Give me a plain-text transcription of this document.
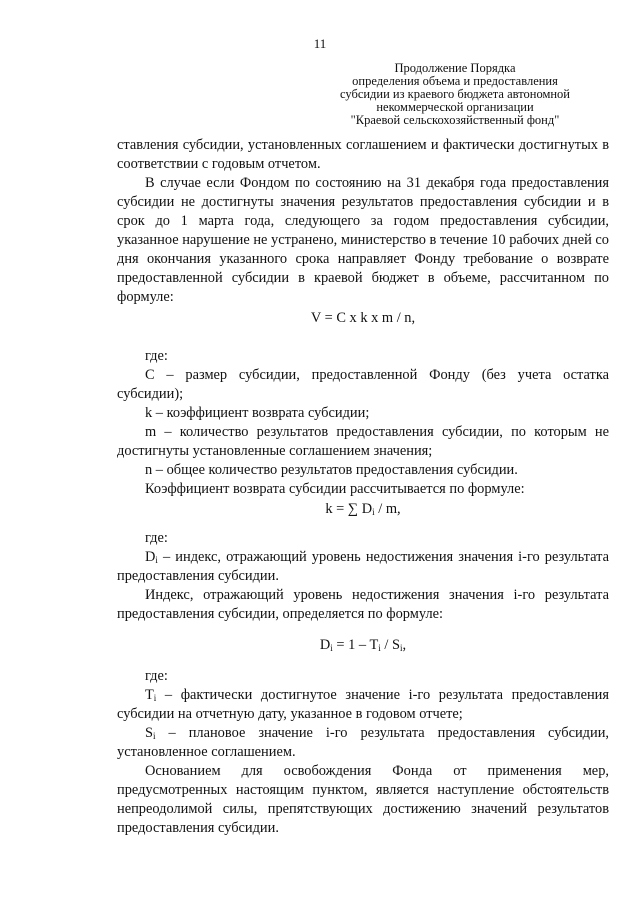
11
Продолжение Порядка
определения объема и предоставления
субсидии из краевого бюджета автономной
некоммерческой организации
"Краевой сельскохозяйственный фонд"

ставления субсидии, установленных соглашением и фактически достигнутых в соответствии с годовым отчетом.

В случае если Фондом по состоянию на 31 декабря года предоставления субсидии не достигнуты значения результатов предоставления субсидии и в срок до 1 марта года, следующего за годом предоставления субсидии, указанное нарушение не устранено, министерство в течение 10 рабочих дней со дня окончания указанного срока направляет Фонду требование о возврате предоставленной субсидии в краевой бюджет в объеме, рассчитанном по формуле:

V = C x k x m / n,

где:

C – размер субсидии, предоставленной Фонду (без учета остатка субсидии);

k – коэффициент возврата субсидии;

m – количество результатов предоставления субсидии, по которым не достигнуты установленные соглашением значения;

n – общее количество результатов предоставления субсидии.

Коэффициент возврата субсидии рассчитывается по формуле:

k = ∑ $D_i$ / m,

где:

$D_i$ – индекс, отражающий уровень недостижения значения i-го результата предоставления субсидии.

Индекс, отражающий уровень недостижения значения i-го результата предоставления субсидии, определяется по формуле:

$D_i = 1 - T_i / S_i$,

где:

$T_i$ – фактически достигнутое значение i-го результата предоставления субсидии на отчетную дату, указанное в годовом отчете;

$S_i$ – плановое значение i-го результата предоставления субсидии, установленное соглашением.

Основанием для освобождения Фонда от применения мер, предусмотренных настоящим пунктом, является наступление обстоятельств непреодолимой силы, препятствующих достижению значений результатов предоставления субсидии.
